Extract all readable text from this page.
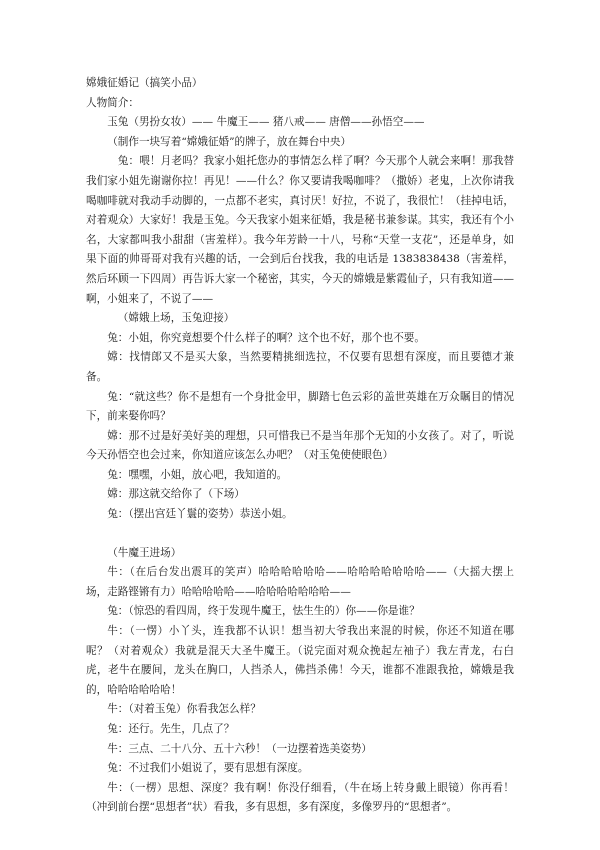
嫦娥征婚记（搞笑小品）

人物简介：

玉兔（男扮女妆）—— 牛魔王—— 猪八戒—— 唐僧——孙悟空——

（制作一块写着“嫦娥征婚”的牌子，放在舞台中央）

兔：喂！月老吗？我家小姐托您办的事情怎么样了啊？今天那个人就会来啊！那我替我们家小姐先谢谢你拉！再见！——什么？你又要请我喝咖啡？（撒娇）老鬼，上次你请我喝咖啡就对我动手动脚的，一点都不老实，真讨厌！好拉，不说了，我很忙！（挂掉电话，对着观众）大家好！我是玉兔。今天我家小姐来征婚，我是秘书兼参谋。其实，我还有个小名，大家都叫我小甜甜（害羞样）。我今年芳龄一十八，号称“天堂一支花”，还是单身，如果下面的帅哥哥对我有兴趣的话，一会到后台找我，我的电话是 1383838438（害羞样，然后环顾一下四周）再告诉大家一个秘密，其实，今天的嫦娥是紫霞仙子，只有我知道——啊，小姐来了，不说了——

（嫦娥上场，玉兔迎接）

兔：小姐，你究竟想要个什么样子的啊？这个也不好，那个也不要。

嫦：找情郎又不是买大象，当然要精挑细选拉，不仅要有思想有深度，而且要德才兼备。

兔：“就这些？你不是想有一个身批金甲，脚踏七色云彩的盖世英雄在万众瞩目的情况下，前来娶你吗？

嫦：那不过是好美好美的理想，只可惜我已不是当年那个无知的小女孩了。对了，听说今天孙悟空也会过来，你知道应该怎么办吧？（对玉兔使使眼色）

兔：嘿嘿，小姐，放心吧，我知道的。

嫦：那这就交给你了（下场）

兔：（摆出宫廷丫鬟的姿势）恭送小姐。

（牛魔王进场）

牛：（在后台发出震耳的笑声）哈哈哈哈哈哈——哈哈哈哈哈哈哈——（大摇大摆上场，走路铿锵有力）哈哈哈哈哈——哈哈哈哈哈哈哈——

兔：（惊恐的看四周，终于发现牛魔王，怯生生的）你——你是谁？

牛：（一愣）小丫头，连我都不认识！想当初大爷我出来混的时候，你还不知道在哪呢？（对着观众）我就是混天大圣牛魔王。（说完面对观众挽起左袖子）我左青龙，右白虎，老牛在腰间，龙头在胸口，人挡杀人，佛挡杀佛！今天，谁都不准跟我抢，嫦娥是我的，哈哈哈哈哈哈！

牛：（对着玉兔）你看我怎么样？

兔：还行。先生，几点了？

牛：三点、二十八分、五十六秒！（一边摆着选美姿势）

兔：不过我们小姐说了，要有思想有深度。

牛：（一楞）思想、深度？我有啊！你没仔细看，（牛在场上转身戴上眼镜）你再看！（冲到前台摆“思想者”状）看我，多有思想，多有深度，多像罗丹的“思想者”。
